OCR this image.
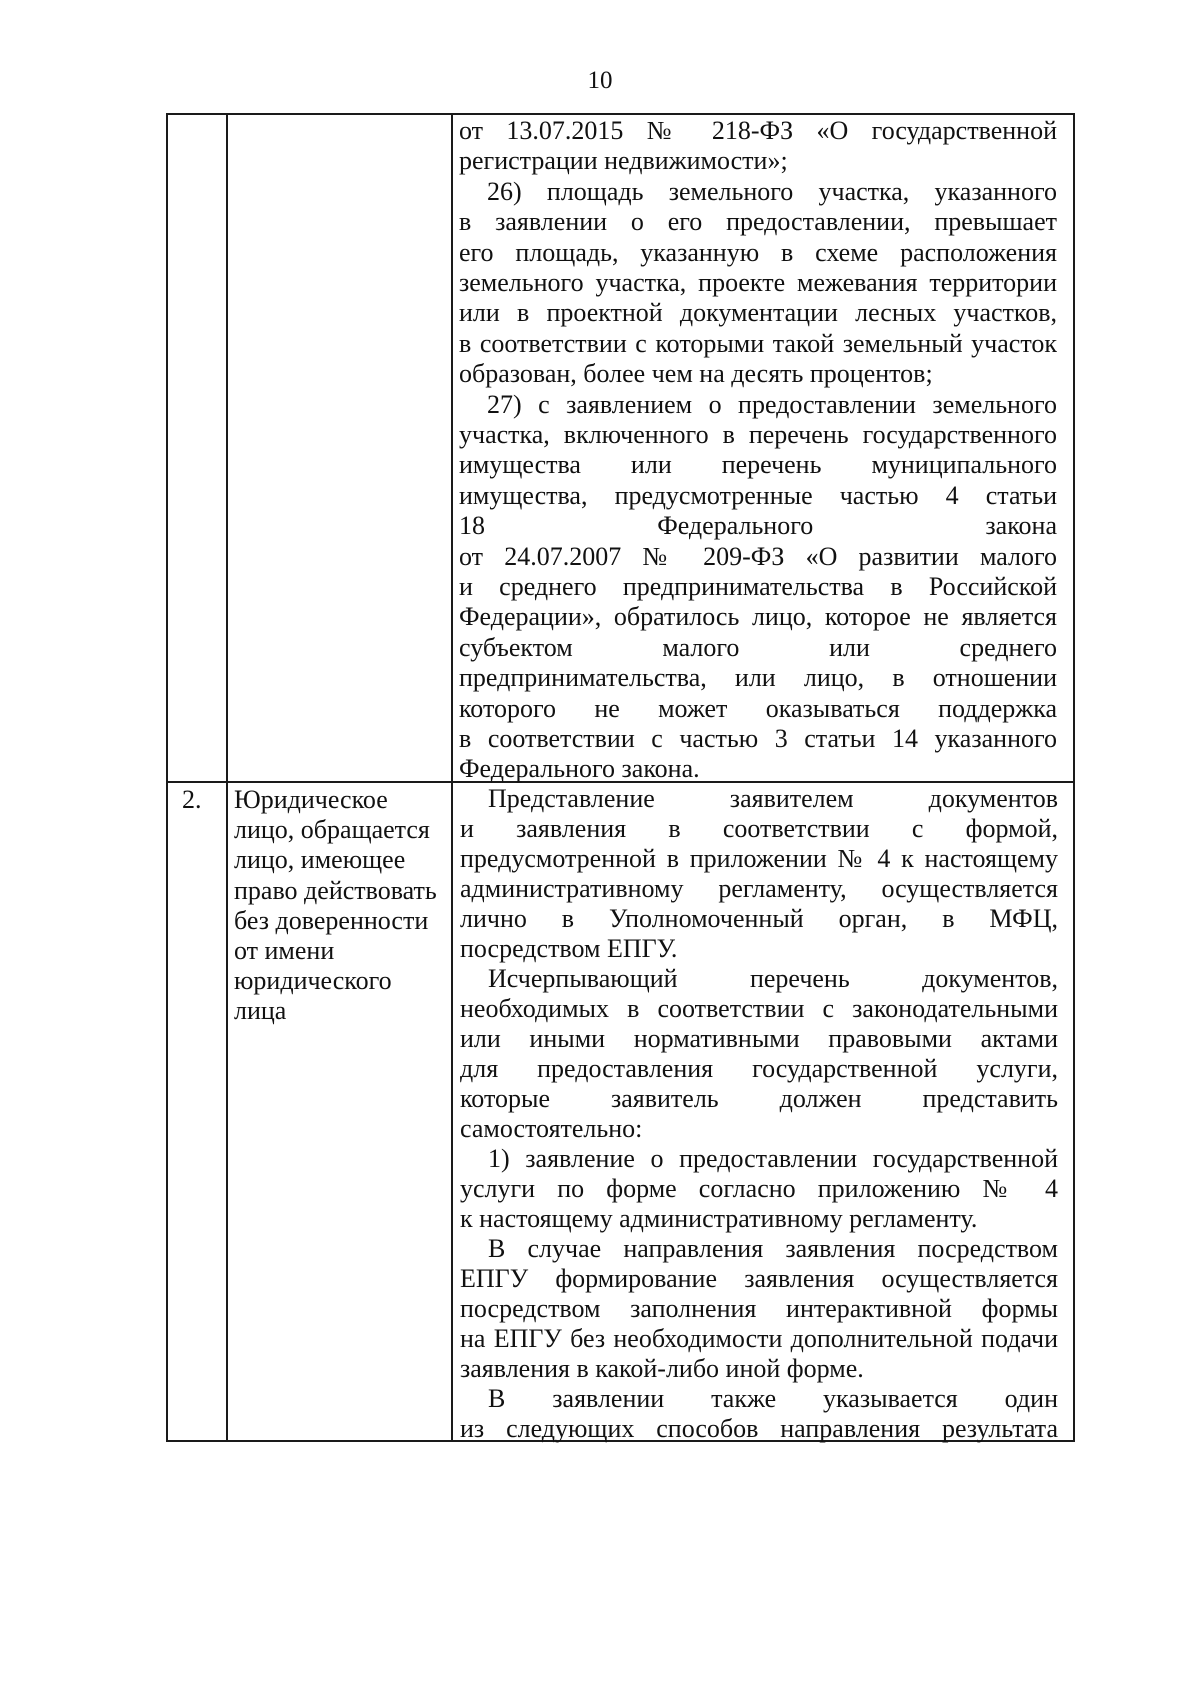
10
от 13.07.2015 № 218-ФЗ «О государственной
регистрации недвижимости»;
26) площадь земельного участка, указанного
в заявлении о его предоставлении, превышает
его площадь, указанную в схеме расположения
земельного участка, проекте межевания территории
или в проектной документации лесных участков,
в соответствии с которыми такой земельный участок
образован, более чем на десять процентов;
27) с заявлением о предоставлении земельного
участка, включенного в перечень государственного
имущества или перечень муниципального
имущества, предусмотренные частью 4 статьи
18 Федерального закона
от 24.07.2007 № 209-ФЗ «О развитии малого
и среднего предпринимательства в Российской
Федерации», обратилось лицо, которое не является
субъектом малого или среднего
предпринимательства, или лицо, в отношении
которого не может оказываться поддержка
в соответствии с частью 3 статьи 14 указанного
Федерального закона.
2.	Юридическое
лицо, обращается
лицо, имеющее
право действовать
без доверенности
от имени
юридического
лица
Представление заявителем документов
и заявления в соответствии с формой,
предусмотренной в приложении № 4 к настоящему
административному регламенту, осуществляется
лично в Уполномоченный орган, в МФЦ,
посредством ЕПГУ.
Исчерпывающий перечень документов,
необходимых в соответствии с законодательными
или иными нормативными правовыми актами
для предоставления государственной услуги,
которые заявитель должен представить
самостоятельно:
1) заявление о предоставлении государственной
услуги по форме согласно приложению № 4
к настоящему административному регламенту.
В случае направления заявления посредством
ЕПГУ формирование заявления осуществляется
посредством заполнения интерактивной формы
на ЕПГУ без необходимости дополнительной подачи
заявления в какой-либо иной форме.
В заявлении также указывается один
из следующих способов направления результата
